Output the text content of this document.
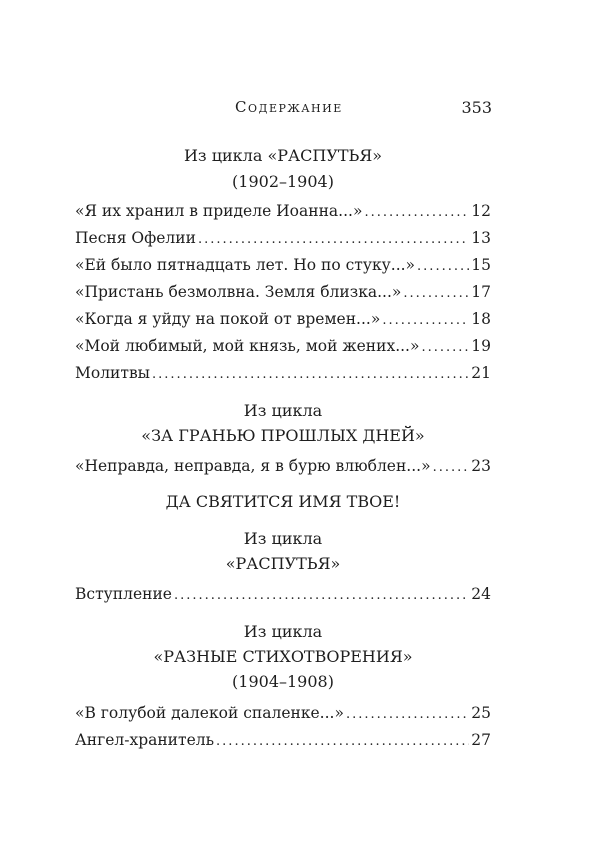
Содержание	353
Из цикла «РАСПУТЬЯ»
(1902–1904)
«Я их хранил в приделе Иоанна...» .....	12
Песня Офелии .....	13
«Ей было пятнадцать лет. Но по стуку...» .....	15
«Пристань безмолвна. Земля близка...» .....	17
«Когда я уйду на покой от времен...» .....	18
«Мой любимый, мой князь, мой жених...» .....	19
Молитвы .....	21
Из цикла
«ЗА ГРАНЬЮ ПРОШЛЫХ ДНЕЙ»
«Неправда, неправда, я в бурю влюблен...» .....	23
ДА СВЯТИТСЯ ИМЯ ТВОЕ!
Из цикла
«РАСПУТЬЯ»
Вступление .....	24
Из цикла
«РАЗНЫЕ СТИХОТВОРЕНИЯ»
(1904–1908)
«В голубой далекой спаленке...» .....	25
Ангел-хранитель .....	27
